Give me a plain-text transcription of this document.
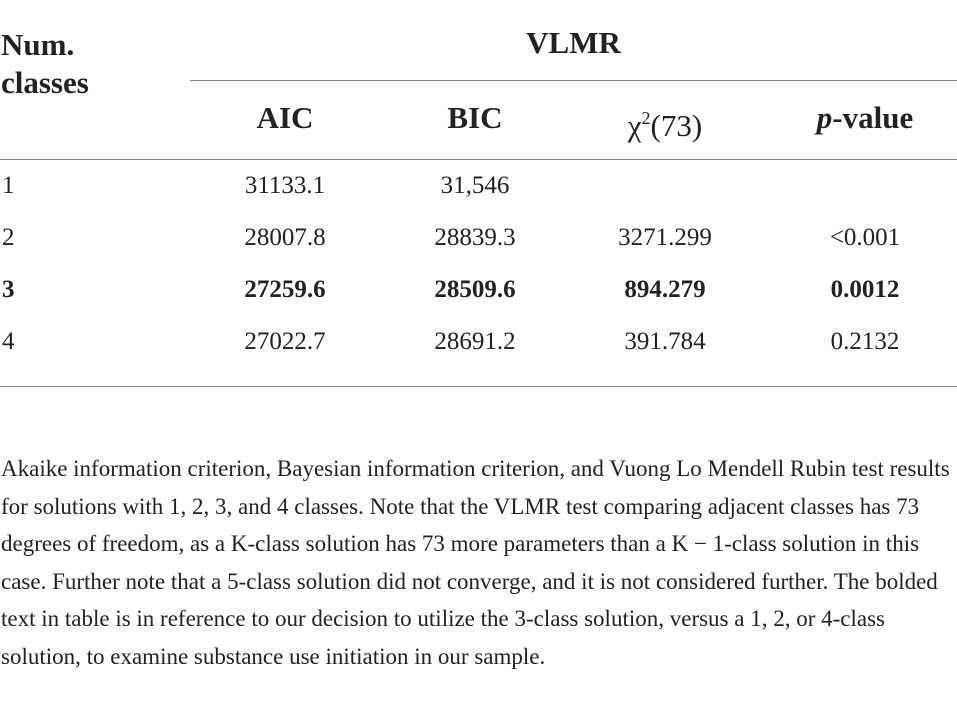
Num. classes
VLMR
AIC	BIC	$\chi^2(73)$	p-value
1	31133.1	31,546
2	28007.8	28839.3	3271.299	<0.001
3	27259.6	28509.6	894.279	0.0012
4	27022.7	28691.2	391.784	0.2132
Akaike information criterion, Bayesian information criterion, and Vuong Lo Mendell Rubin test results for solutions with 1, 2, 3, and 4 classes. Note that the VLMR test comparing adjacent classes has 73 degrees of freedom, as a K-class solution has 73 more parameters than a K − 1-class solution in this case. Further note that a 5-class solution did not converge, and it is not considered further. The bolded text in table is in reference to our decision to utilize the 3-class solution, versus a 1, 2, or 4-class solution, to examine substance use initiation in our sample.
